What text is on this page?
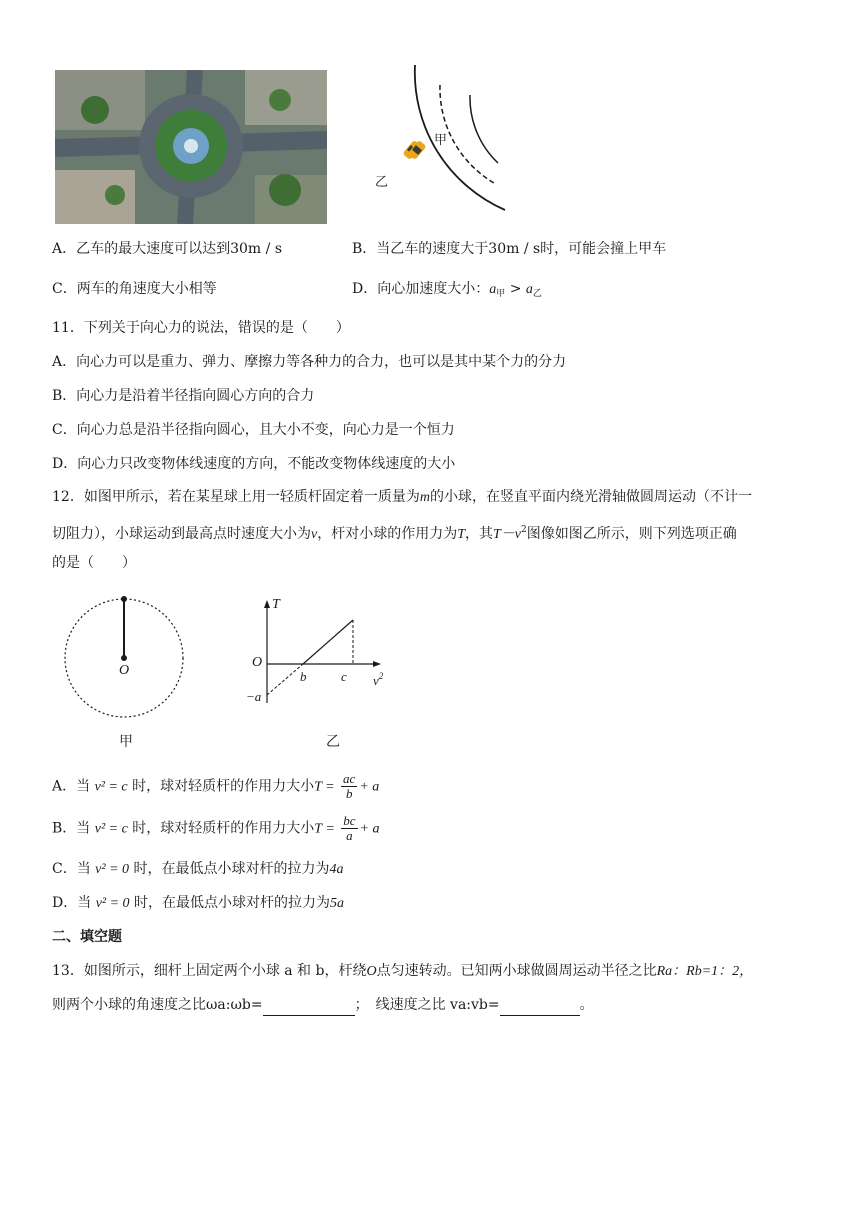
甲
乙
A．乙车的最大速度可以达到30m / s	B．当乙车的速度大于30m / s时，可能会撞上甲车
C．两车的角速度大小相等	D．向心加速度大小：$a_甲 > a_乙$
11．下列关于向心力的说法，错误的是（　　）
A．向心力可以是重力、弹力、摩擦力等各种力的合力，也可以是其中某个力的分力
B．向心力是沿着半径指向圆心方向的合力
C．向心力总是沿半径指向圆心，且大小不变，向心力是一个恒力
D．向心力只改变物体线速度的方向，不能改变物体线速度的大小
12．如图甲所示，若在某星球上用一轻质杆固定着一质量为m的小球，在竖直平面内绕光滑轴做圆周运动（不计一
切阻力），小球运动到最高点时速度大小为v，杆对小球的作用力为T，其$T-v^2$图像如图乙所示，则下列选项正确
的是（　　）
O
甲
T
O
b	c $v^2$
−a
乙
A．当 v² = c 时，球对轻质杆的作用力大小$T = \frac{ac}{b} + a$
B．当 v² = c 时，球对轻质杆的作用力大小$T = \frac{bc}{a} + a$
C．当 v² = 0 时，在最低点小球对杆的拉力为4a
D．当 v² = 0 时，在最低点小球对杆的拉力为5a
二、填空题
13．如图所示，细杆上固定两个小球 a 和 b，杆绕O点匀速转动。已知两小球做圆周运动半径之比Ra：Rb=1：2，
则两个小球的角速度之比ωa:ωb=	；　线速度之比 va:vb=	。
